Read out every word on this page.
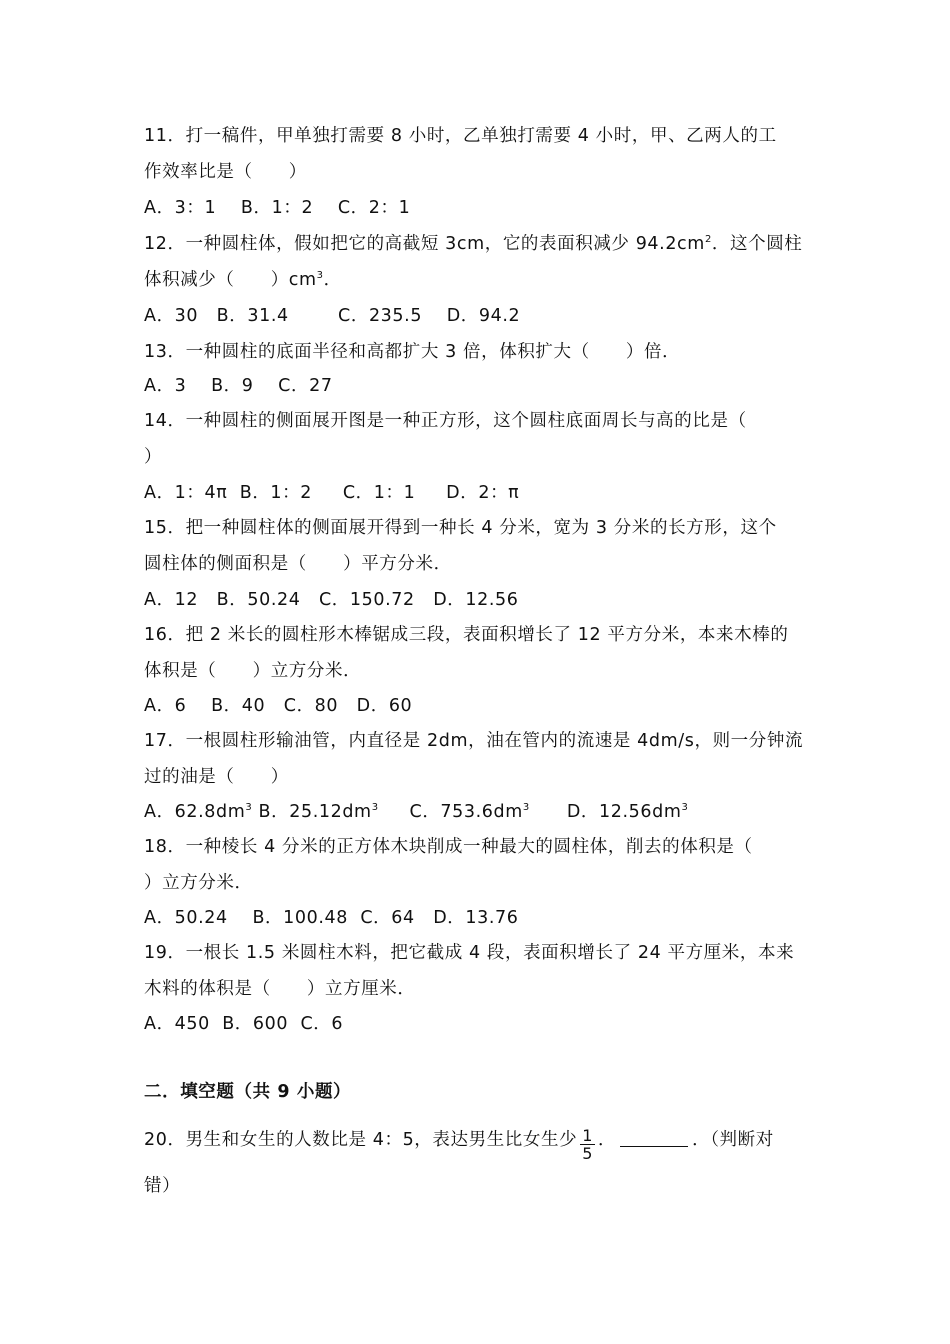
11．打一稿件，甲单独打需要 8 小时，乙单独打需要 4 小时，甲、乙两人的工
作效率比是（　　）
A．3：1 B．1：2 C．2：1
12．一种圆柱体，假如把它的高截短 3cm，它的表面积减少 $94.2cm^2$．这个圆柱
体积减少（　　）$cm^3$．
A．30 B．31.4	C．235.5 D．94.2
13．一种圆柱的底面半径和高都扩大 3 倍，体积扩大（　　）倍．
A．3 B．9 C．27
14．一种圆柱的侧面展开图是一种正方形，这个圆柱底面周长与高的比是（
）
A．1：4π B．1：2 C．1：1 D．2：π
15．把一种圆柱体的侧面展开得到一种长 4 分米，宽为 3 分米的长方形，这个
圆柱体的侧面积是（　　）平方分米．
A．12 B．50.24 C．150.72 D．12.56
16．把 2 米长的圆柱形木棒锯成三段，表面积增长了 12 平方分米，本来木棒的
体积是（　　）立方分米．
A．6 B．40 C．80 D．60
17．一根圆柱形输油管，内直径是 2dm，油在管内的流速是 4dm/s，则一分钟流
过的油是（　　）
A．$62.8dm^3$ B．$25.12dm^3$ C．$753.6dm^3$ D．$12.56dm^3$
18．一种棱长 4 分米的正方体木块削成一种最大的圆柱体，削去的体积是（
）立方分米．
A．50.24 B．100.48 C．64 D．13.76
19．一根长 1.5 米圆柱木料，把它截成 4 段，表面积增长了 24 平方厘米，本来
木料的体积是（　　）立方厘米．
A．450 B．600 C．6
二．填空题（共 9 小题）
20．男生和女生的人数比是 4：5，表达男生比女生少 $\frac{1}{5}$ ．	．（判断对
错）
